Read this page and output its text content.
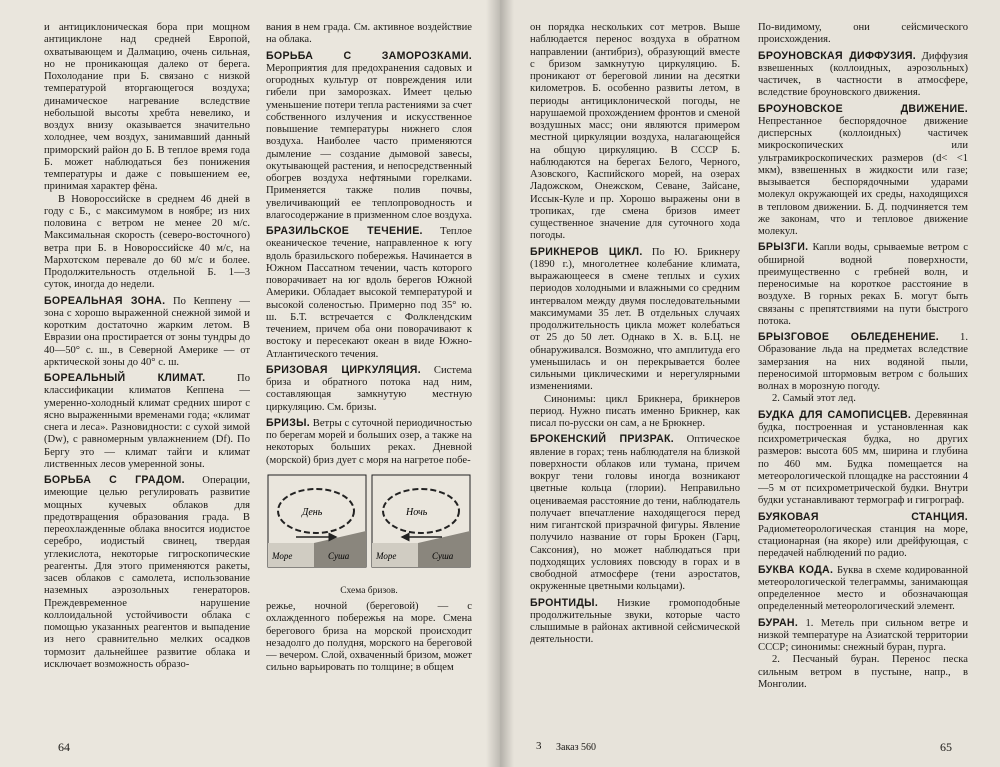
и антициклоническая бора при мощном антициклоне над средней Европой, охватывающем и Далмацию, очень сильная, но не проникающая далеко от берега. Похолодание при Б. связано с низкой температурой вторгающегося воздуха; динамическое нагревание вследствие небольшой высоты хребта невелико, и воздух внизу оказывается значительно холоднее, чем воздух, занимавший данный приморский район до Б. В теплое время года Б. может наблюдаться без понижения температуры и даже с повышением ее, принимая характер фёна.

В Новороссийске в среднем 46 дней в году с Б., с максимумом в ноябре; из них половина с ветром не менее 20 м/с. Максимальная скорость (северо-восточного) ветра при Б. в Новороссийске 40 м/с, на Мархотском перевале до 60 м/с и более. Продолжительность отдельной Б. 1—3 суток, иногда до недели.

БОРЕАЛЬНАЯ ЗОНА. По Кеппену — зона с хорошо выраженной снежной зимой и коротким достаточно жарким летом. В Евразии она простирается от зоны тундры до 40—50° с. ш., в Северной Америке — от арктической зоны до 40° с. ш.
БОРЕАЛЬНЫЙ КЛИМАТ.	По классификации климатов Кеппена — умеренно-холодный климат средних широт с ясно выраженными временами года; «климат снега и леса». Разновидности: с сухой зимой (Dw), с равномерным увлажнением (Df). По Бергу это — климат тайги и климат лиственных лесов умеренной зоны.
БОРЬБА С ГРАДОМ. Операции, имеющие целью регулировать развитие мощных кучевых облаков для предотвращения образования града. В переохлажденные облака вносится иодистое серебро, иодистый свинец, твердая углекислота, некоторые гигроскопические реагенты. Для этого применяются ракеты, засев облаков с самолета, использование наземных аэрозольных генераторов. Преждевременное нарушение коллоидальной устойчивости облака с помощью указанных реагентов и выпадение из него сравнительно мелких осадков тормозит дальнейшее развитие облака и исключает возможность образо-

вания в нем града. См. активное воздействие на облака.

БОРЬБА С ЗАМОРОЗКАМИ. Мероприятия для предохранения садовых и огородных культур от повреждения или гибели при заморозках. Имеет целью уменьшение потери тепла растениями за счет собственного излучения и искусственное повышение температуры нижнего слоя воздуха. Наиболее часто применяются дымление — создание дымовой завесы, окутывающей растения, и непосредственный обогрев воздуха нефтяными горелками. Применяется также полив почвы, увеличивающий ее теплопроводность и влагосодержание в призменном слое воздуха.
БРАЗИЛЬСКОЕ ТЕЧЕНИЕ. Теплое океаническое течение, направленное к югу вдоль бразильского побережья. Начинается в Южном Пассатном течении, часть которого поворачивает на юг вдоль берегов Южной Америки. Обладает высокой температурой и высокой соленостью. Примерно под 35° ю. ш. Б.Т. встречается с Фолклендским течением, причем оба они поворачивают к востоку и пересекают океан в виде Южно-Атлантического течения.
БРИЗОВАЯ ЦИРКУЛЯЦИЯ. Система бриза и обратного потока над ним, составляющая замкнутую местную циркуляцию. См. бризы.
БРИЗЫ. Ветры с суточной периодичностью по берегам морей и больших озер, а также на некоторых больших реках. Дневной (морской) бриз дует с моря на нагретое побе-
День
Море	Суша
Ночь
Море	Суша
Схема бризов.

режье, ночной (береговой) — с охлажденного побережья на море. Смена берегового бриза на морской происходит незадолго до полудня, морского на береговой — вечером. Слой, охваченный бризом, может сильно варьировать по толщине; в общем

64

он порядка нескольких сот метров. Выше наблюдается перенос воздуха в обратном направлении (антибриз), образующий вместе с бризом замкнутую циркуляцию. Б. проникают от береговой линии на десятки километров. Б. особенно развиты летом, в периоды антициклонической погоды, не нарушаемой прохождением фронтов и сменой воздушных масс; они являются примером местной циркуляции воздуха, налагающейся на общую циркуляцию. В СССР Б. наблюдаются на берегах Белого, Черного, Азовского, Каспийского морей, на озерах Ладожском, Онежском, Севане, Зайсане, Иссык-Куле и пр. Хорошо выражены они в тропиках, где смена бризов имеет существенное значение для суточного хода погоды.

БРИКНЕРОВ ЦИКЛ. По Ю. Брикнеру (1890 г.), многолетнее колебание климата, выражающееся в смене теплых и сухих периодов холодными и влажными со средним интервалом между двумя последовательными максимумами 35 лет. В отдельных случаях продолжительность цикла может колебаться от 25 до 50 лет. Однако в Х. в. Б.Ц. не обнаруживался. Возможно, что амплитуда его уменьшилась и он перекрывается более сильными циклическими и нерегулярными изменениями.

Синонимы: цикл Брикнера, брикнеров период. Нужно писать именно Брикнер, как писал по-русски он сам, а не Брюкнер.

БРОКЕНСКИЙ ПРИЗРАК. Оптическое явление в горах; тень наблюдателя на близкой поверхности облаков или тумана, причем вокруг тени головы иногда возникают цветные кольца (глории). Неправильно оцениваемая расстояние до тени, наблюдатель получает впечатление находящегося перед ним гигантской призрачной фигуры. Явление получило название от горы Брокен (Гарц, Саксония), но может наблюдаться при подходящих условиях повсюду в горах и в свободной атмосфере (тени аэростатов, окруженные цветными кольцами).
БРОНТИДЫ. Низкие громоподобные продолжительные звуки, которые часто слышимые в районах активной сейсмической деятельности.

По-видимому, они сейсмического происхождения.

БРОУНОВСКАЯ ДИФФУЗИЯ. Диффузия взвешенных (коллоидных, аэрозольных) частичек, в частности в атмосфере, вследствие броуновского движения.
БРОУНОВСКОЕ ДВИЖЕНИЕ. Непрестанное беспорядочное движение дисперсных (коллоидных) частичек микроскопических или ультрамикроскопических размеров (d< <1 мкм), взвешенных в жидкости или газе; вызывается беспорядочными ударами молекул окружающей их среды, находящихся в тепловом движении. Б. Д. подчиняется тем же законам, что и тепловое движение молекул.
БРЫЗГИ. Капли воды, срываемые ветром с обширной водной поверхности, преимущественно с гребней волн, и переносимые на короткое расстояние в воздухе. В горных реках Б. могут быть связаны с препятствиями на пути быстрого потока.
БРЫЗГОВОЕ ОБЛЕДЕНЕНИЕ. 1. Образование льда на предметах вследствие замерзания на них водяной пыли, переносимой штормовым ветром с больших волнах в морозную погоду.

2. Самый этот лед.

БУДКА ДЛЯ САМОПИСЦЕВ. Деревянная будка, построенная и установленная как психрометрическая будка, но других размеров: высота 605 мм, ширина и глубина по 460 мм. Будка помещается на метеорологической площадке на расстоянии 4—5 м от психрометрической будки. Внутри будки устанавливают термограф и гигрограф.
БУЯКОВАЯ СТАНЦИЯ. Радиометеорологическая станция на море, стационарная (на якоре) или дрейфующая, с передачей наблюдений по радио.
БУКВА КОДА. Буква в схеме кодированной метеорологической телеграммы, занимающая определенное место и обозначающая определенный метеорологический элемент.
БУРАН. 1. Метель при сильном ветре и низкой температуре на Азиатской территории СССР; синонимы: снежный буран, пурга.

2. Песчаный буран. Перенос песка сильным ветром в пустыне, напр., в Монголии.

3 Заказ 560	65
